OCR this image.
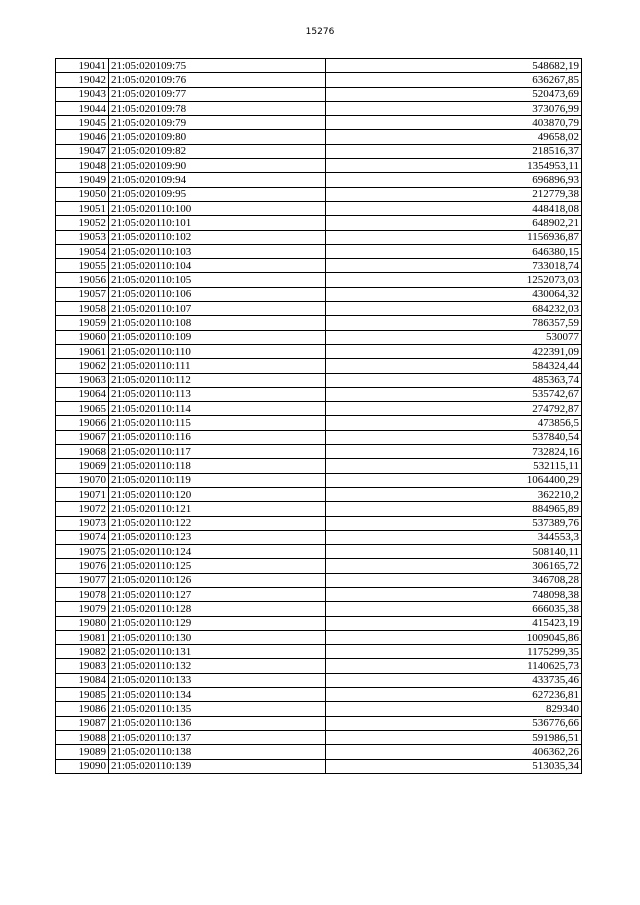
15276
19041	21:05:020109:75	548682,19
19042	21:05:020109:76	636267,85
19043	21:05:020109:77	520473,69
19044	21:05:020109:78	373076,99
19045	21:05:020109:79	403870,79
19046	21:05:020109:80	49658,02
19047	21:05:020109:82	218516,37
19048	21:05:020109:90	1354953,11
19049	21:05:020109:94	696896,93
19050	21:05:020109:95	212779,38
19051	21:05:020110:100	448418,08
19052	21:05:020110:101	648902,21
19053	21:05:020110:102	1156936,87
19054	21:05:020110:103	646380,15
19055	21:05:020110:104	733018,74
19056	21:05:020110:105	1252073,03
19057	21:05:020110:106	430064,32
19058	21:05:020110:107	684232,03
19059	21:05:020110:108	786357,59
19060	21:05:020110:109	530077
19061	21:05:020110:110	422391,09
19062	21:05:020110:111	584324,44
19063	21:05:020110:112	485363,74
19064	21:05:020110:113	535742,67
19065	21:05:020110:114	274792,87
19066	21:05:020110:115	473856,5
19067	21:05:020110:116	537840,54
19068	21:05:020110:117	732824,16
19069	21:05:020110:118	532115,11
19070	21:05:020110:119	1064400,29
19071	21:05:020110:120	362210,2
19072	21:05:020110:121	884965,89
19073	21:05:020110:122	537389,76
19074	21:05:020110:123	344553,3
19075	21:05:020110:124	508140,11
19076	21:05:020110:125	306165,72
19077	21:05:020110:126	346708,28
19078	21:05:020110:127	748098,38
19079	21:05:020110:128	666035,38
19080	21:05:020110:129	415423,19
19081	21:05:020110:130	1009045,86
19082	21:05:020110:131	1175299,35
19083	21:05:020110:132	1140625,73
19084	21:05:020110:133	433735,46
19085	21:05:020110:134	627236,81
19086	21:05:020110:135	829340
19087	21:05:020110:136	536776,66
19088	21:05:020110:137	591986,51
19089	21:05:020110:138	406362,26
19090	21:05:020110:139	513035,34
